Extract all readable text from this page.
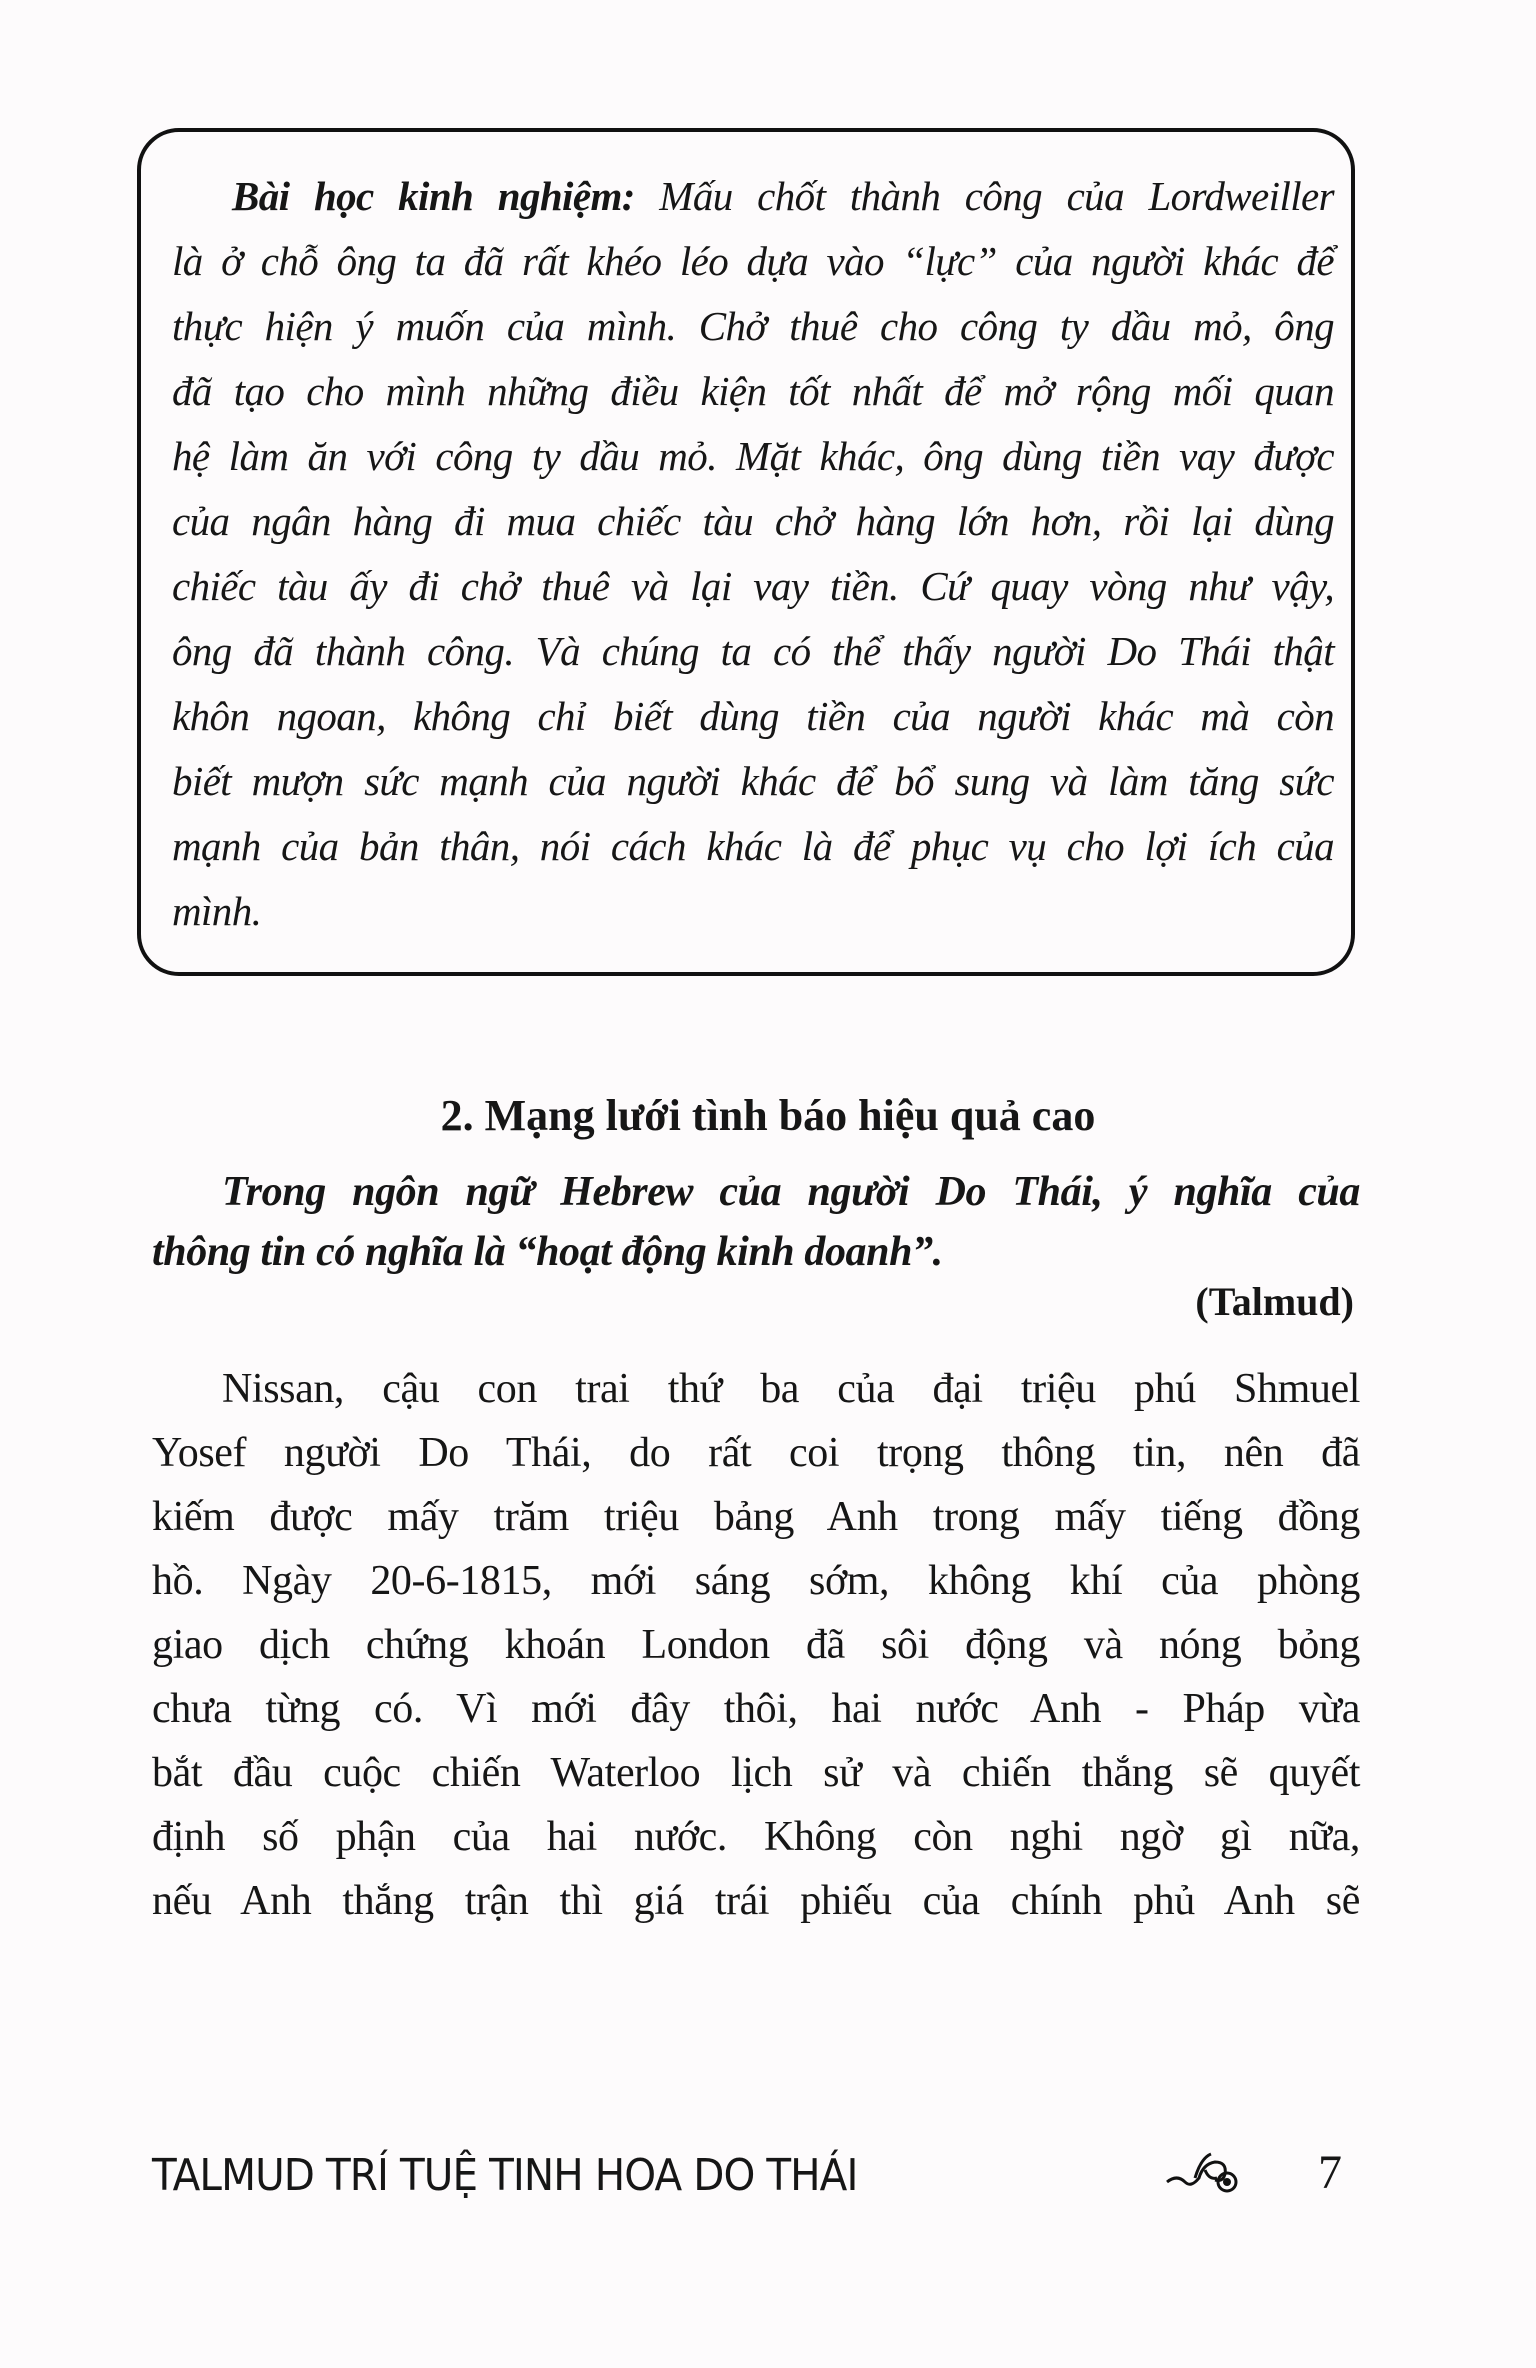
Bài học kinh nghiệm: Mấu chốt thành công của Lordweiller
là ở chỗ ông ta đã rất khéo léo dựa vào “lực” của người khác để
thực hiện ý muốn của mình. Chở thuê cho công ty dầu mỏ, ông
đã tạo cho mình những điều kiện tốt nhất để mở rộng mối quan
hệ làm ăn với công ty dầu mỏ. Mặt khác, ông dùng tiền vay được
của ngân hàng đi mua chiếc tàu chở hàng lớn hơn, rồi lại dùng
chiếc tàu ấy đi chở thuê và lại vay tiền. Cứ quay vòng như vậy,
ông đã thành công. Và chúng ta có thể thấy người Do Thái thật
khôn ngoan, không chỉ biết dùng tiền của người khác mà còn
biết mượn sức mạnh của người khác để bổ sung và làm tăng sức
mạnh của bản thân, nói cách khác là để phục vụ cho lợi ích của
mình.
2. Mạng lưới tình báo hiệu quả cao
Trong ngôn ngữ Hebrew của người Do Thái, ý nghĩa của
thông tin có nghĩa là “hoạt động kinh doanh”.
(Talmud)
Nissan, cậu con trai thứ ba của đại triệu phú Shmuel
Yosef người Do Thái, do rất coi trọng thông tin, nên đã
kiếm được mấy trăm triệu bảng Anh trong mấy tiếng đồng
hồ. Ngày 20-6-1815, mới sáng sớm, không khí của phòng
giao dịch chứng khoán London đã sôi động và nóng bỏng
chưa từng có. Vì mới đây thôi, hai nước Anh - Pháp vừa
bắt đầu cuộc chiến Waterloo lịch sử và chiến thắng sẽ quyết
định số phận của hai nước. Không còn nghi ngờ gì nữa,
nếu Anh thắng trận thì giá trái phiếu của chính phủ Anh sẽ
TALMUD TRÍ TUỆ TINH HOA DO THÁI	7
